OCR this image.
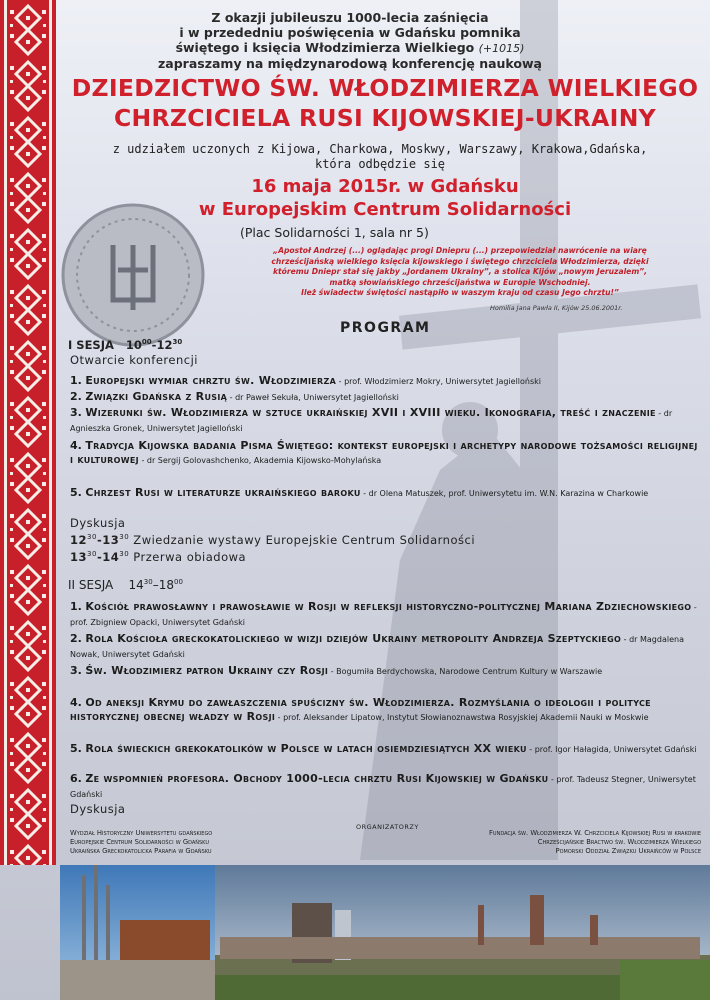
Z okazji jubileuszu 1000-lecia zaśnięcia
i w przededniu poświęcenia w Gdańsku pomnika
świętego i księcia Włodzimierza Wielkiego (+1015)
zapraszamy na międzynarodową konferencję naukową
DZIEDZICTWO ŚW. WŁODZIMIERZA WIELKIEGO
CHRZCICIELA RUSI KIJOWSKIEJ-UKRAINY
z udziałem uczonych z Kijowa, Charkowa, Moskwy, Warszawy, Krakowa,Gdańska,
która odbędzie się
16 maja 2015r. w Gdańsku
w Europejskim Centrum Solidarności
(Plac Solidarności 1, sala nr 5)
„Apostoł Andrzej (...) oglądając progi Dniepru (...) przepowiedział nawrócenie na wiarę
chrześcijańską wielkiego księcia kijowskiego i świętego chrzciciela Włodzimierza, dzięki
któremu Dniepr stał się jakby „Jordanem Ukrainy”, a stolica Kijów „nowym Jeruzalem”,
matką słowiańskiego chrześcijaństwa w Europie Wschodniej.
Ileż świadectw świętości nastąpiło w waszym kraju od czasu Jego chrztu!”
Homilia Jana Pawła II, Kijów 25.06.2001r.
PROGRAM
I SESJA $10^{00}-12^{30}$
Otwarcie konferencji
1. Europejski wymiar chrztu św. Włodzimierza - prof. Włodzimierz Mokry, Uniwersytet Jagielloński
2. Związki Gdańska z Rusią - dr Paweł Sekuła, Uniwersytet Jagielloński
3. Wizerunki św. Włodzimierza w sztuce ukraińskiej XVII i XVIII wieku. Ikonografia, treść i znaczenie - dr Agnieszka Gronek, Uniwersytet Jagielloński
4. Tradycja Kijowska badania Pisma Świętego: kontekst europejski i archetypy narodowe tożsamości religijnej i kulturowej - dr Sergij Golovashchenko, Akademia Kijowsko-Mohylańska
5. Chrzest Rusi w literaturze ukraińskiego baroku - dr Olena Matuszek, prof. Uniwersytetu im. W.N. Karazina w Charkowie
Dyskusja
$12^{30}-13^{30}$ Zwiedzanie wystawy Europejskie Centrum Solidarności
$13^{30}-14^{30}$ Przerwa obiadowa
II SESJA $14^{30}-18^{00}$
1. Kościół prawosławny i prawosławie w Rosji w refleksji historyczno-politycznej Mariana Zdziechowskiego - prof. Zbigniew Opacki, Uniwersytet Gdański
2. Rola Kościoła greckokatolickiego w wizji dziejów Ukrainy metropolity Andrzeja Szeptyckiego - dr Magdalena Nowak, Uniwersytet Gdański
3. Św. Włodzimierz patron Ukrainy czy Rosji - Bogumiła Berdychowska, Narodowe Centrum Kultury w Warszawie
4. Od aneksji Krymu do zawłaszczenia spuścizny św. Włodzimierza. Rozmyślania o ideologii i polityce historycznej obecnej władzy w Rosji - prof. Aleksander Lipatow, Instytut Słowianoznawstwa Rosyjskiej Akademii Nauki w Moskwie
5. Rola świeckich grekokatolików w Polsce w latach osiemdziesiątych XX wieku - prof. Igor Hałagida, Uniwersytet Gdański
6. Ze wspomnień profesora. Obchody 1000-lecia chrztu Rusi Kijowskiej w Gdańsku - prof. Tadeusz Stegner, Uniwersytet Gdański
Dyskusja
ORGANIZATORZY
Wydział Historyczny Uniwersytetu gdańskiego
Europejskie Centrum Solidarności w Gdańsku
Ukraińska Greckokatolicka Parafia w Gdańsku
Fundacja św. Włodzimierza W. Chrzciciela Kijowskiej Rusi w krakowie
Chrześcijańskie Bractwo św. Włodzimierza Wielkiego
Pomorski Oddział Związku Ukraińców w Polsce
